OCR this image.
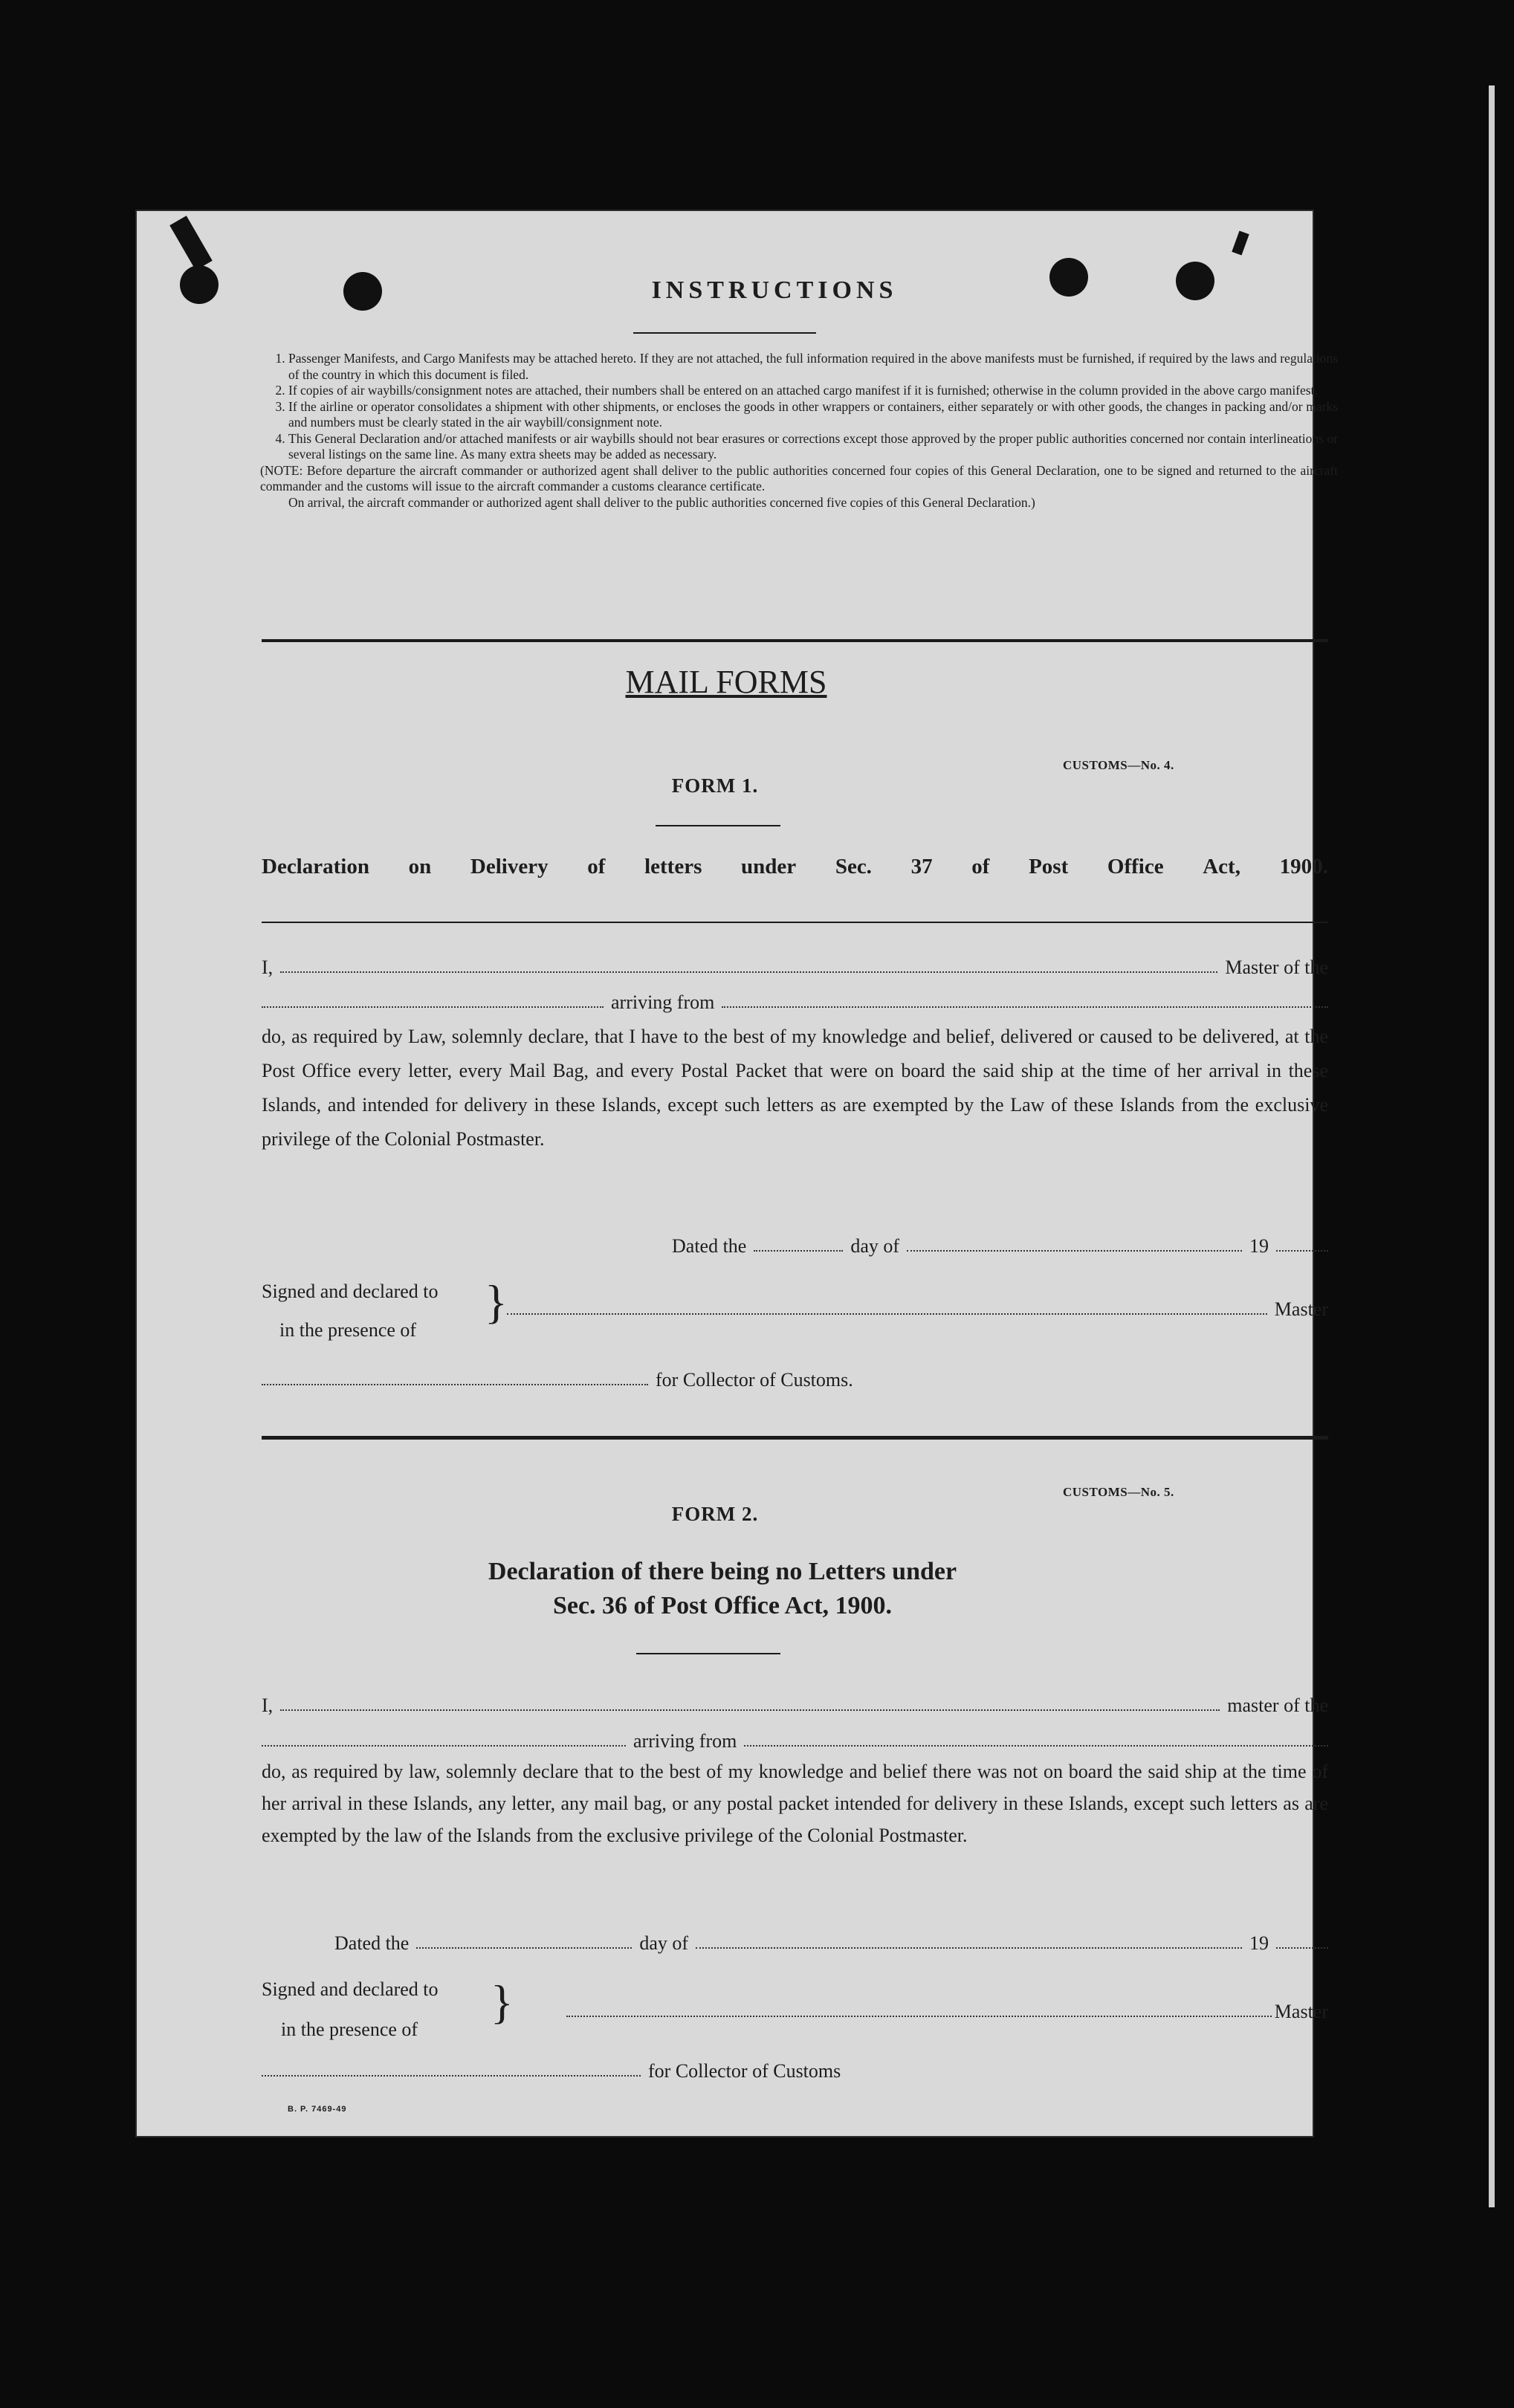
INSTRUCTIONS
1. Passenger Manifests, and Cargo Manifests may be attached hereto. If they are not attached, the full information required in the above manifests must be furnished, if required by the laws and regulations of the country in which this document is filed.
2. If copies of air waybills/consignment notes are attached, their numbers shall be entered on an attached cargo manifest if it is furnished; otherwise in the column provided in the above cargo manifest.
3. If the airline or operator consolidates a shipment with other shipments, or encloses the goods in other wrappers or containers, either separately or with other goods, the changes in packing and/or marks and numbers must be clearly stated in the air waybill/consignment note.
4. This General Declaration and/or attached manifests or air waybills should not bear erasures or corrections except those approved by the proper public authorities concerned nor contain interlineations or several listings on the same line. As many extra sheets may be added as necessary.

(NOTE: Before departure the aircraft commander or authorized agent shall deliver to the public authorities concerned four copies of this General Declaration, one to be signed and returned to the aircraft commander and the customs will issue to the aircraft commander a customs clearance certificate.

On arrival, the aircraft commander or authorized agent shall deliver to the public authorities concerned five copies of this General Declaration.)

MAIL FORMS
CUSTOMS—No. 4.
FORM 1.
Declaration on Delivery of letters under Sec. 37 of Post Office Act, 1900.
I,	Master of the
arriving from
do, as required by Law, solemnly declare, that I have to the best of my knowledge and belief, delivered or caused to be delivered, at the Post Office every letter, every Mail Bag, and every Postal Packet that were on board the said ship at the time of her arrival in these Islands, and intended for delivery in these Islands, except such letters as are exempted by the Law of these Islands from the exclusive privilege of the Colonial Postmaster.
Dated the	day of	19
Signed and declared to
in the presence of
}	Master
for Collector of Customs.
CUSTOMS—No. 5.
FORM 2.
Declaration of there being no Letters under
Sec. 36 of Post Office Act, 1900.
I,	master of the
arriving from
do, as required by law, solemnly declare that to the best of my knowledge and belief there was not on board the said ship at the time of her arrival in these Islands, any letter, any mail bag, or any postal packet intended for delivery in these Islands, except such letters as are exempted by the law of the Islands from the exclusive privilege of the Colonial Postmaster.
Dated the	day of	19
Signed and declared to
in the presence of
}	Master
for Collector of Customs
B. P. 7469-49
